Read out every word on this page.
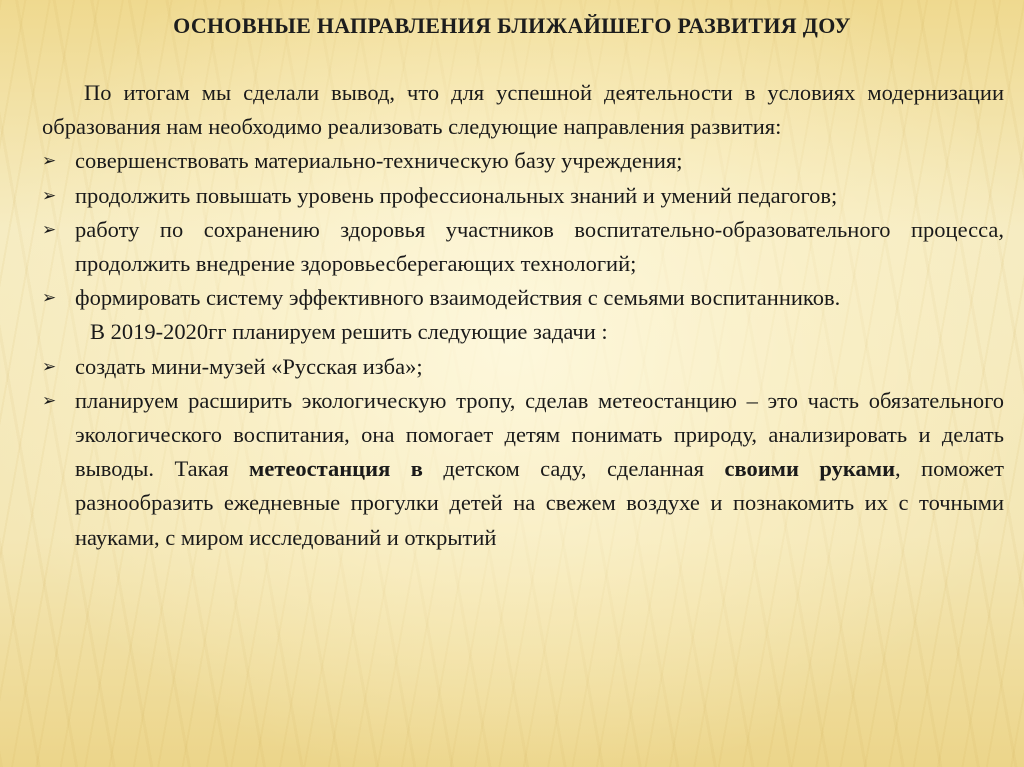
ОСНОВНЫЕ НАПРАВЛЕНИЯ БЛИЖАЙШЕГО РАЗВИТИЯ ДОУ

По итогам мы сделали вывод, что для успешной деятельности в условиях модернизации образования нам необходимо реализовать следующие направления развития:

➢ совершенствовать материально-техническую базу учреждения;
➢ продолжить повышать уровень профессиональных знаний и умений педагогов;
➢ работу по сохранению здоровья участников воспитательно-образовательного процесса, продолжить внедрение здоровьесберегающих технологий;
➢ формировать систему эффективного взаимодействия с семьями воспитанников.

В 2019-2020гг планируем решить следующие задачи :

➢ создать мини-музей «Русская изба»;
➢ планируем расширить экологическую тропу, сделав метеостанцию – это часть обязательного экологического воспитания, она помогает детям понимать природу, анализировать и делать выводы. Такая метеостанция в детском саду, сделанная своими руками, поможет разнообразить ежедневные прогулки детей на свежем воздухе и познакомить их с точными науками, с миром исследований и открытий
